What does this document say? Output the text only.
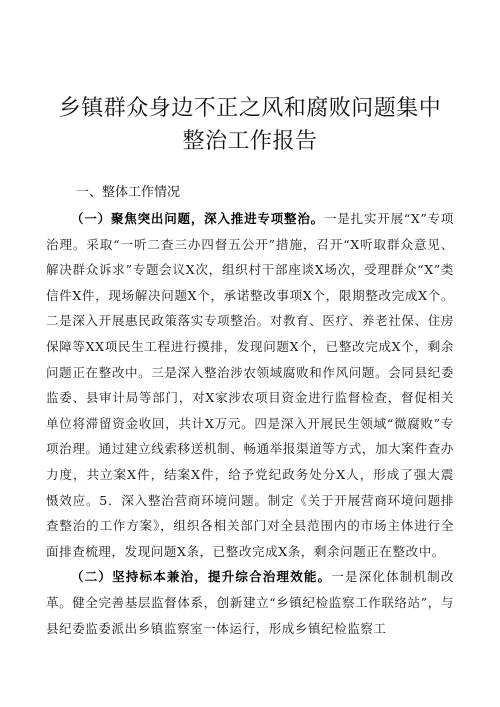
乡镇群众身边不正之风和腐败问题集中整治工作报告

一、整体工作情况

（一）聚焦突出问题，深入推进专项整治。一是扎实开展“X”专项治理。采取“一听二查三办四督五公开”措施，召开“X听取群众意见、解决群众诉求”专题会议X次，组织村干部座谈X场次，受理群众“X”类信件X件，现场解决问题X个，承诺整改事项X个，限期整改完成X个。二是深入开展惠民政策落实专项整治。对教育、医疗、养老社保、住房保障等XX项民生工程进行摸排，发现问题X个，已整改完成X个，剩余问题正在整改中。三是深入整治涉农领域腐败和作风问题。会同县纪委监委、县审计局等部门，对X家涉农项目资金进行监督检查，督促相关单位将滞留资金收回，共计X万元。四是深入开展民生领域“微腐败”专项治理。通过建立线索移送机制、畅通举报渠道等方式，加大案件查办力度，共立案X件，结案X件，给予党纪政务处分X人，形成了强大震慑效应。5．深入整治营商环境问题。制定《关于开展营商环境问题排查整治的工作方案》，组织各相关部门对全县范围内的市场主体进行全面排查梳理，发现问题X条，已整改完成X条，剩余问题正在整改中。

（二）坚持标本兼治，提升综合治理效能。一是深化体制机制改革。健全完善基层监督体系，创新建立“乡镇纪检监察工作联络站”，与县纪委监委派出乡镇监察室一体运行，形成乡镇纪检监察工
